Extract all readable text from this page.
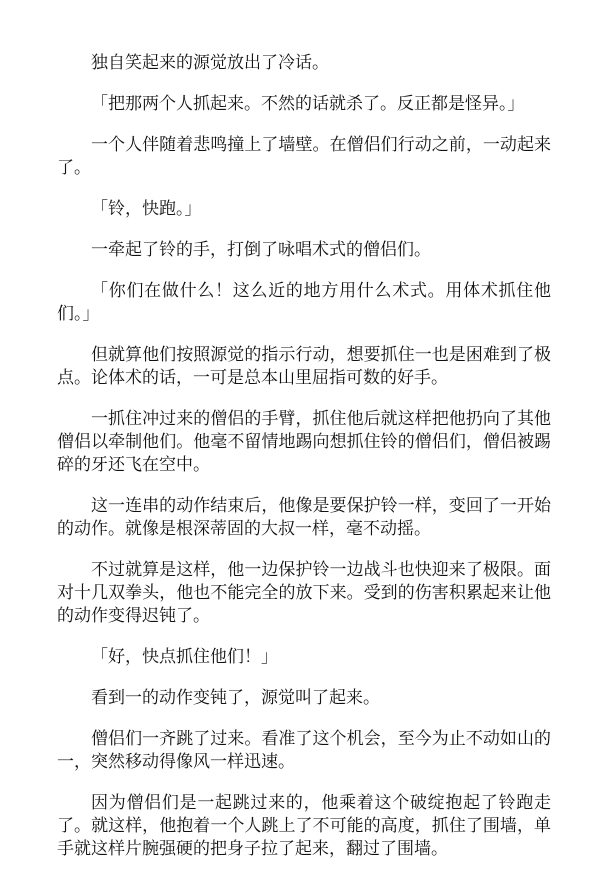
独自笑起来的源觉放出了冷话。

「把那两个人抓起来。不然的话就杀了。反正都是怪异。」

一个人伴随着悲鸣撞上了墙壁。在僧侣们行动之前，一动起来了。

「铃，快跑。」

一牵起了铃的手，打倒了咏唱术式的僧侣们。

「你们在做什么！这么近的地方用什么术式。用体术抓住他们。」

但就算他们按照源觉的指示行动，想要抓住一也是困难到了极点。论体术的话，一可是总本山里屈指可数的好手。

一抓住冲过来的僧侣的手臂，抓住他后就这样把他扔向了其他僧侣以牵制他们。他毫不留情地踢向想抓住铃的僧侣们，僧侣被踢碎的牙还飞在空中。

这一连串的动作结束后，他像是要保护铃一样，变回了一开始的动作。就像是根深蒂固的大叔一样，毫不动摇。

不过就算是这样，他一边保护铃一边战斗也快迎来了极限。面对十几双拳头，他也不能完全的放下来。受到的伤害积累起来让他的动作变得迟钝了。

「好，快点抓住他们！」

看到一的动作变钝了，源觉叫了起来。

僧侣们一齐跳了过来。看准了这个机会，至今为止不动如山的一，突然移动得像风一样迅速。

因为僧侣们是一起跳过来的，他乘着这个破绽抱起了铃跑走了。就这样，他抱着一个人跳上了不可能的高度，抓住了围墙，单手就这样片腕强硬的把身子拉了起来，翻过了围墙。
